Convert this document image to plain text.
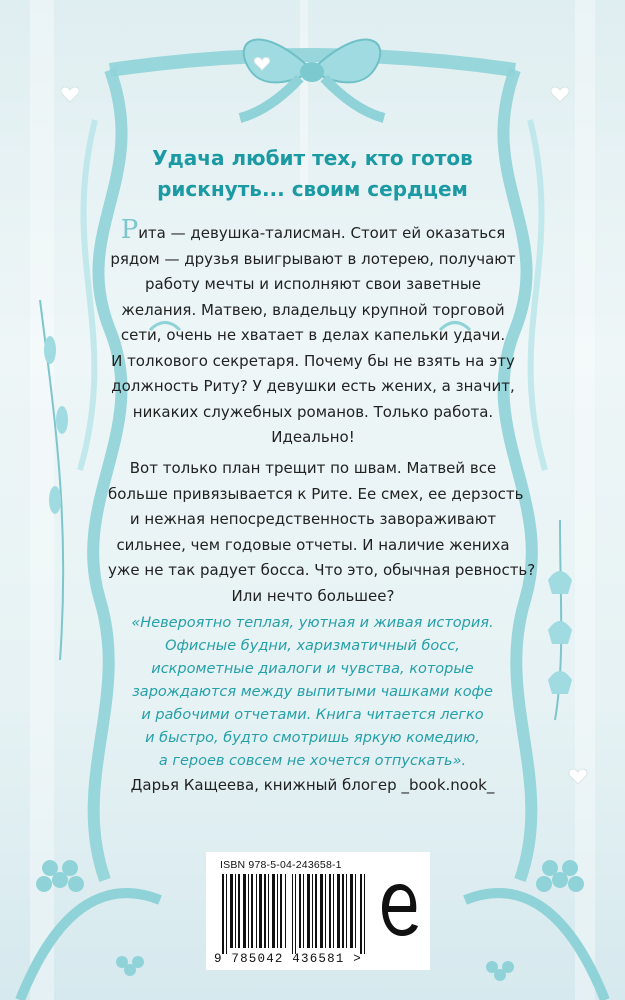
Удача любит тех, кто готов
рискнуть... своим сердцем
Рита — девушка-талисман. Стоит ей оказаться
рядом — друзья выигрывают в лотерею, получают
работу мечты и исполняют свои заветные
желания. Матвею, владельцу крупной торговой
сети, очень не хватает в делах капельки удачи.
И толкового секретаря. Почему бы не взять на эту
должность Риту? У девушки есть жених, а значит,
никаких служебных романов. Только работа.
Идеально!
Вот только план трещит по швам. Матвей все
больше привязывается к Рите. Ее смех, ее дерзость
и нежная непосредственность завораживают
сильнее, чем годовые отчеты. И наличие жениха
уже не так радует босса. Что это, обычная ревность?
Или нечто большее?
«Невероятно теплая, уютная и живая история.
Офисные будни, харизматичный босс,
искрометные диалоги и чувства, которые
зарождаются между выпитыми чашками кофе
и рабочими отчетами. Книга читается легко
и быстро, будто смотришь яркую комедию,
а героев совсем не хочется отпускать».
Дарья Кащеева, книжный блогер _book.nook_
ISBN 978-5-04-243658-1
9 785042 436581 >
